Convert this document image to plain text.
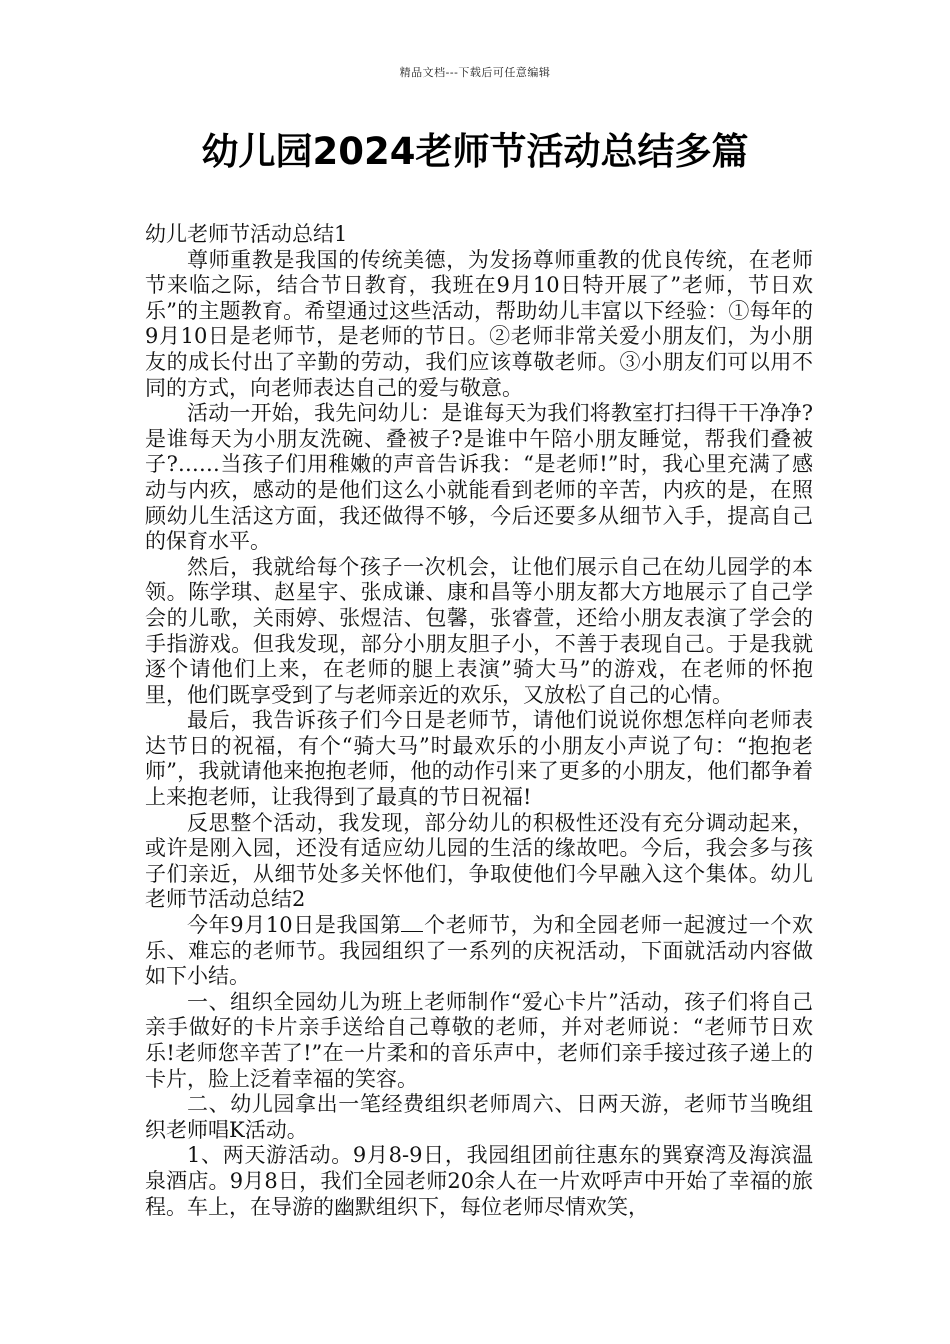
精品文档---下载后可任意编辑
幼儿园2024老师节活动总结多篇

幼儿老师节活动总结1

尊师重教是我国的传统美德，为发扬尊师重教的优良传统，在老师节来临之际，结合节日教育，我班在9月10日特开展了”老师，节日欢乐”的主题教育。希望通过这些活动，帮助幼儿丰富以下经验：①每年的9月10日是老师节，是老师的节日。②老师非常关爱小朋友们，为小朋友的成长付出了辛勤的劳动，我们应该尊敬老师。③小朋友们可以用不同的方式，向老师表达自己的爱与敬意。

活动一开始，我先问幼儿：是谁每天为我们将教室打扫得干干净净?是谁每天为小朋友洗碗、叠被子?是谁中午陪小朋友睡觉，帮我们叠被子?……当孩子们用稚嫩的声音告诉我：“是老师!”时，我心里充满了感动与内疚，感动的是他们这么小就能看到老师的辛苦，内疚的是，在照顾幼儿生活这方面，我还做得不够，今后还要多从细节入手，提高自己的保育水平。

然后，我就给每个孩子一次机会，让他们展示自己在幼儿园学的本领。陈学琪、赵星宇、张成谦、康和昌等小朋友都大方地展示了自己学会的儿歌，关雨婷、张煜洁、包馨，张睿萱，还给小朋友表演了学会的手指游戏。但我发现，部分小朋友胆子小，不善于表现自己。于是我就逐个请他们上来，在老师的腿上表演”骑大马”的游戏，在老师的怀抱里，他们既享受到了与老师亲近的欢乐，又放松了自己的心情。

最后，我告诉孩子们今日是老师节，请他们说说你想怎样向老师表达节日的祝福，有个“骑大马”时最欢乐的小朋友小声说了句：“抱抱老师”，我就请他来抱抱老师，他的动作引来了更多的小朋友，他们都争着上来抱老师，让我得到了最真的节日祝福!

反思整个活动，我发现，部分幼儿的积极性还没有充分调动起来，或许是刚入园，还没有适应幼儿园的生活的缘故吧。今后，我会多与孩子们亲近，从细节处多关怀他们，争取使他们今早融入这个集体。幼儿老师节活动总结2

今年9月10日是我国第 个老师节，为和全园老师一起渡过一个欢乐、难忘的老师节。我园组织了一系列的庆祝活动，下面就活动内容做如下小结。

一、组织全园幼儿为班上老师制作“爱心卡片”活动，孩子们将自己亲手做好的卡片亲手送给自己尊敬的老师，并对老师说：“老师节日欢乐!老师您辛苦了!”在一片柔和的音乐声中，老师们亲手接过孩子递上的卡片，脸上泛着幸福的笑容。

二、幼儿园拿出一笔经费组织老师周六、日两天游，老师节当晚组织老师唱K活动。

1、两天游活动。9月8-9日，我园组团前往惠东的巽寮湾及海滨温泉酒店。9月8日，我们全园老师20余人在一片欢呼声中开始了幸福的旅程。车上，在导游的幽默组织下，每位老师尽情欢笑，
